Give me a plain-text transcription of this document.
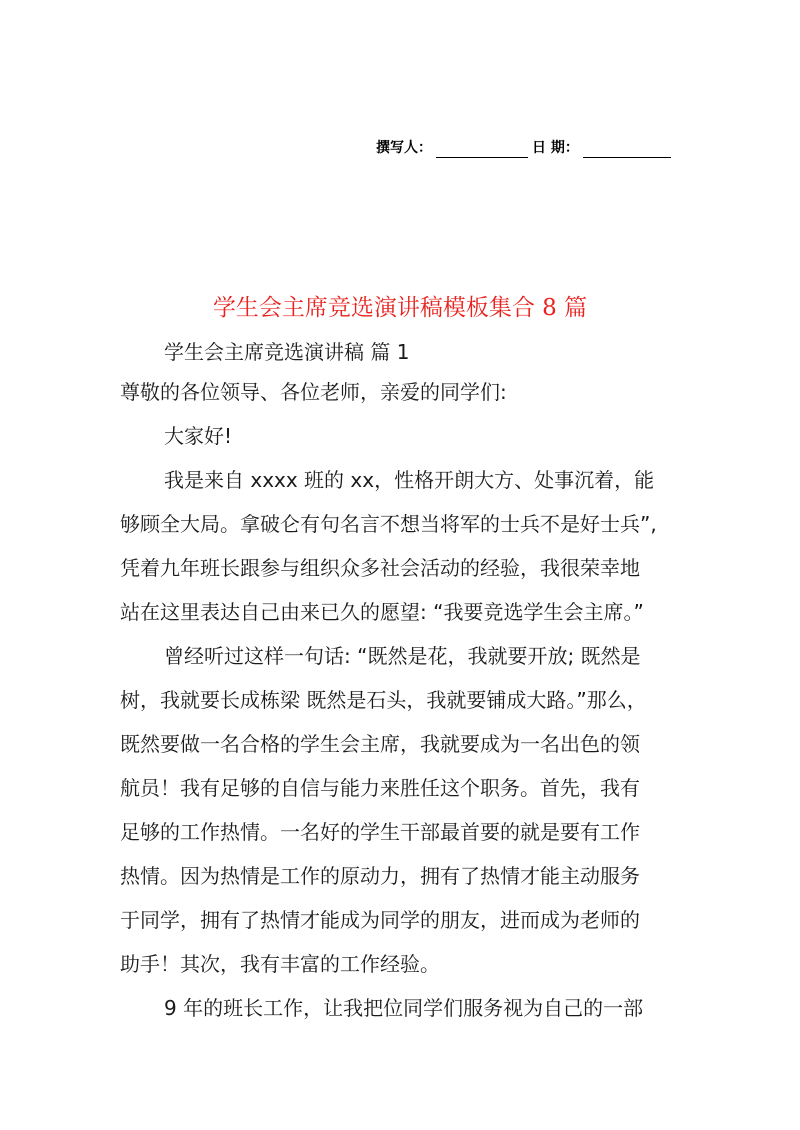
撰写人：	日 期：
学生会主席竞选演讲稿模板集合 8 篇

学生会主席竞选演讲稿 篇 1

尊敬的各位领导、各位老师，亲爱的同学们:

大家好!

我是来自 xxxx 班的 xx，性格开朗大方、处事沉着，能
够顾全大局。拿破仑有句名言不想当将军的士兵不是好士兵”,
凭着九年班长跟参与组织众多社会活动的经验，我很荣幸地
站在这里表达自己由来已久的愿望: “我要竞选学生会主席。”

曾经听过这样一句话: “既然是花，我就要开放; 既然是
树，我就要长成栋梁 既然是石头，我就要铺成大路。”那么，
既然要做一名合格的学生会主席，我就要成为一名出色的领
航员！我有足够的自信与能力来胜任这个职务。首先，我有
足够的工作热情。一名好的学生干部最首要的就是要有工作
热情。因为热情是工作的原动力，拥有了热情才能主动服务
于同学，拥有了热情才能成为同学的朋友，进而成为老师的
助手！其次，我有丰富的工作经验。

9 年的班长工作，让我把位同学们服务视为自己的一部
